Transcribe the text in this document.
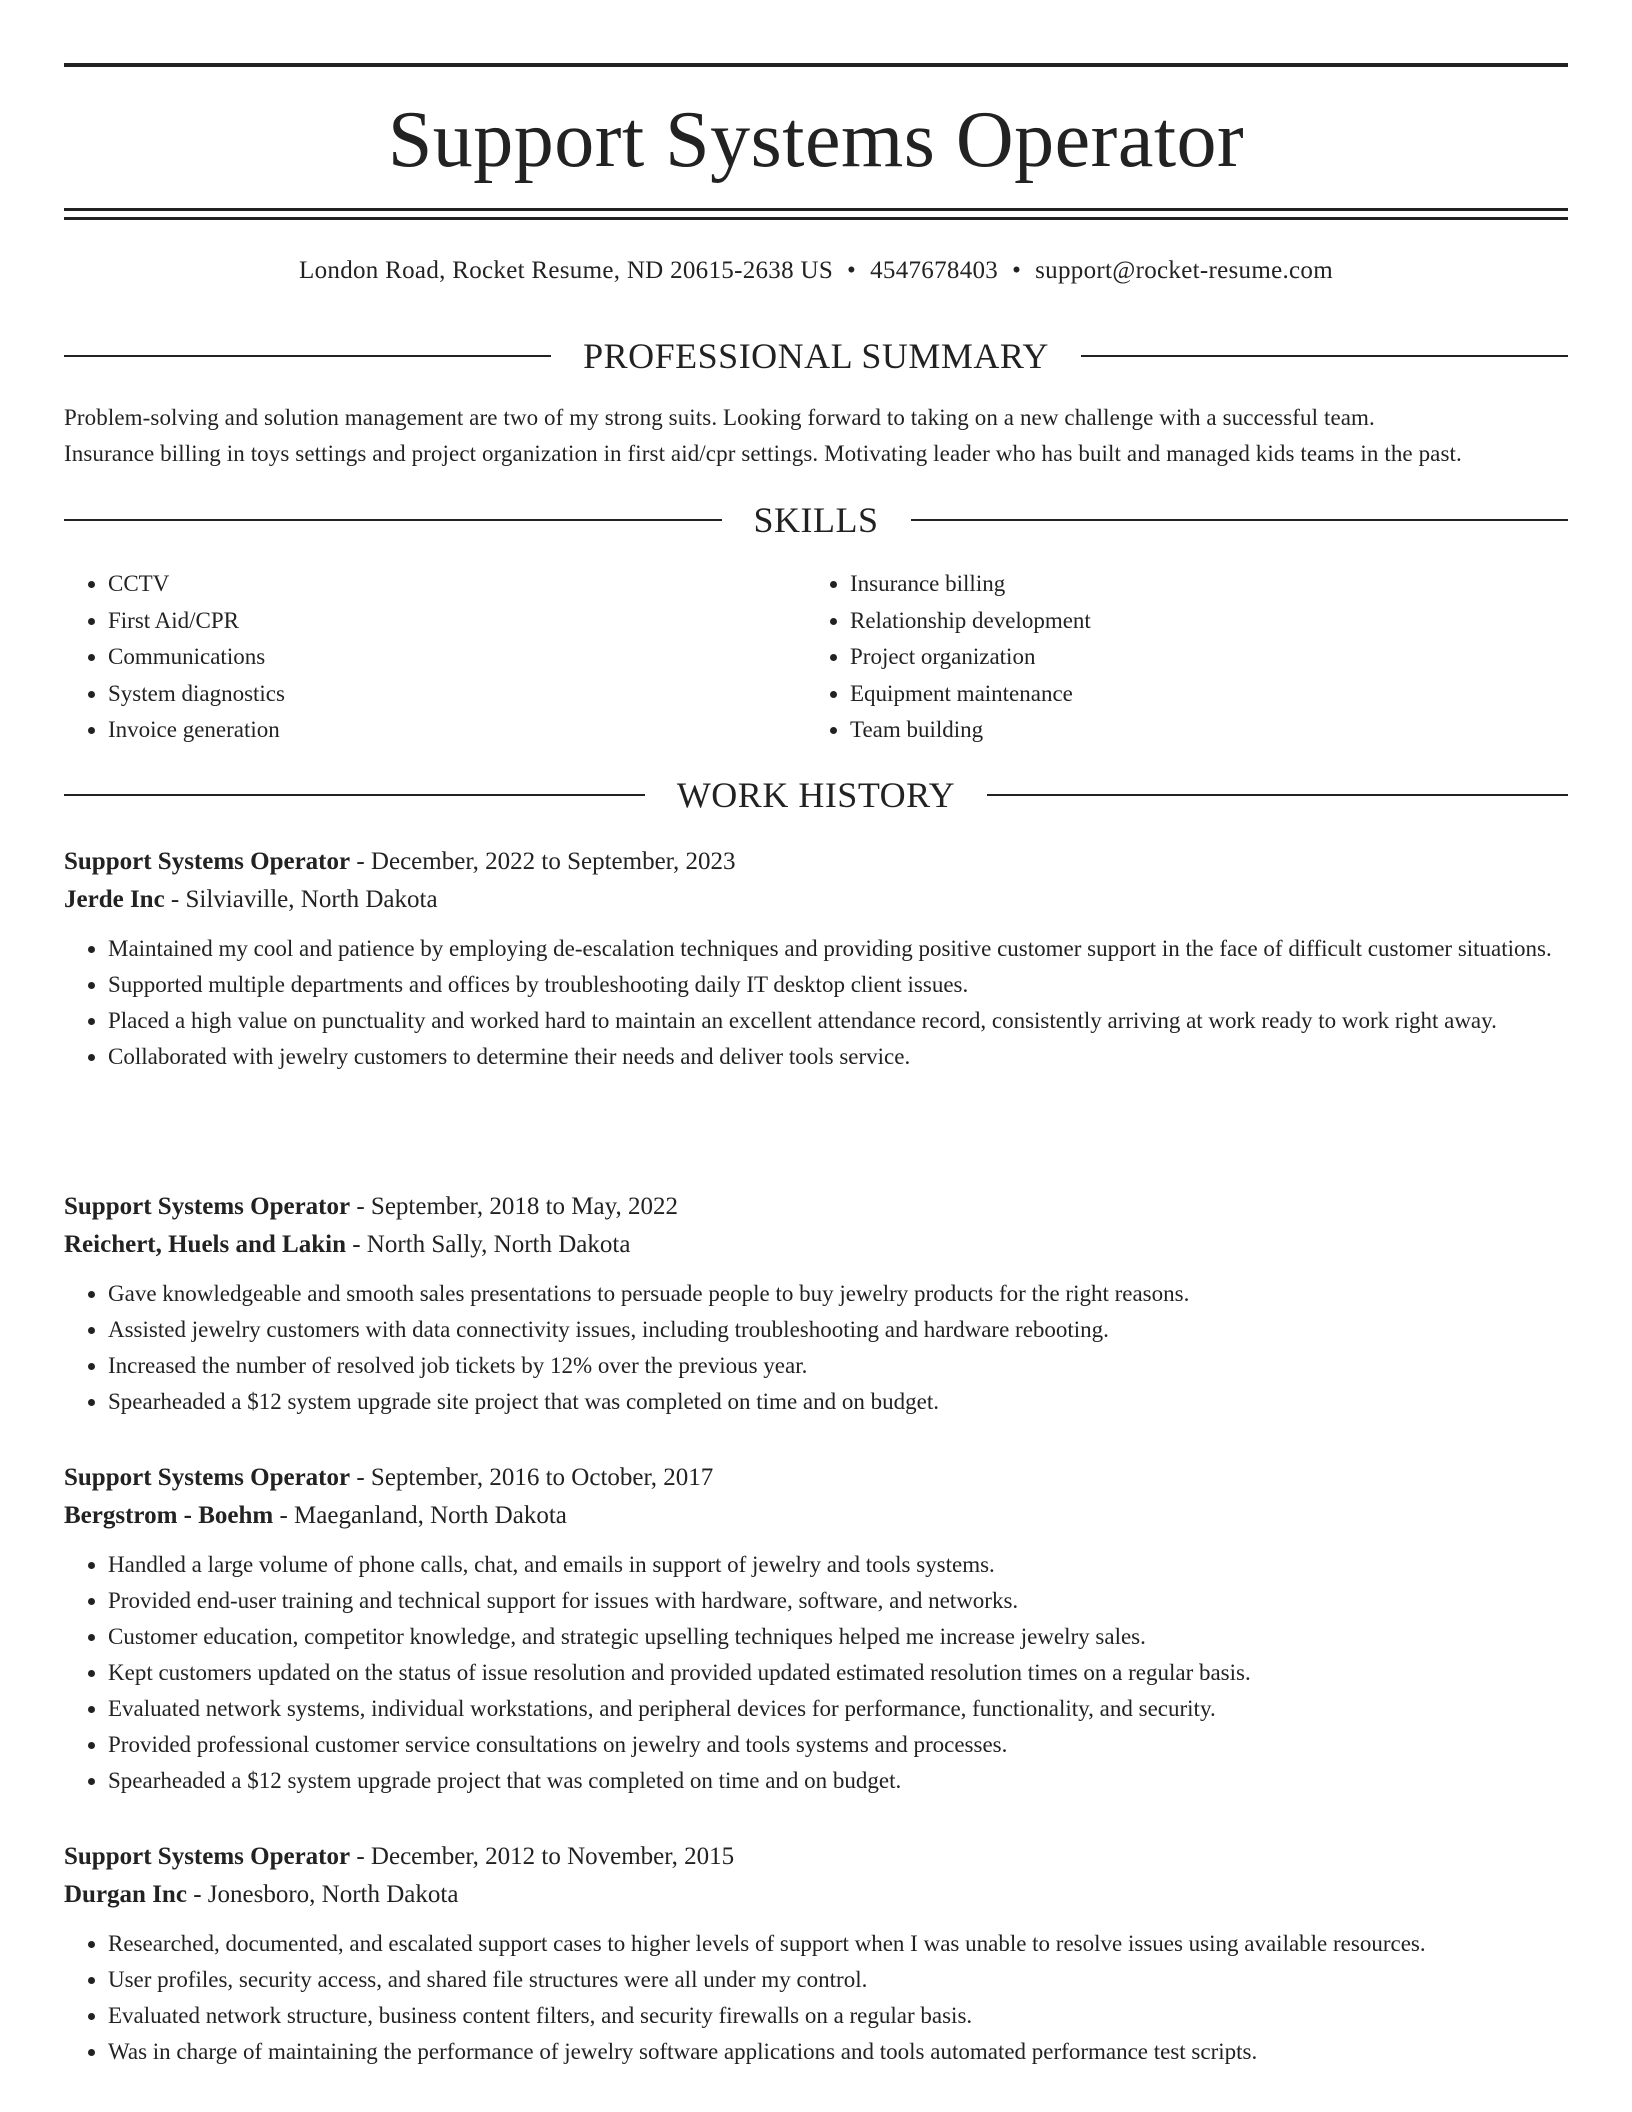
Support Systems Operator
London Road, Rocket Resume, ND 20615-2638 US • 4547678403 • support@rocket-resume.com
PROFESSIONAL SUMMARY
Problem-solving and solution management are two of my strong suits. Looking forward to taking on a new challenge with a successful team.
Insurance billing in toys settings and project organization in first aid/cpr settings. Motivating leader who has built and managed kids teams in the past.
SKILLS
• CCTV
• First Aid/CPR
• Communications
• System diagnostics
• Invoice generation
• Insurance billing
• Relationship development
• Project organization
• Equipment maintenance
• Team building
WORK HISTORY
Support Systems Operator - December, 2022 to September, 2023
Jerde Inc - Silviaville, North Dakota
• Maintained my cool and patience by employing de-escalation techniques and providing positive customer support in the face of difficult customer situations.
• Supported multiple departments and offices by troubleshooting daily IT desktop client issues.
• Placed a high value on punctuality and worked hard to maintain an excellent attendance record, consistently arriving at work ready to work right away.
• Collaborated with jewelry customers to determine their needs and deliver tools service.
Support Systems Operator - September, 2018 to May, 2022
Reichert, Huels and Lakin - North Sally, North Dakota
• Gave knowledgeable and smooth sales presentations to persuade people to buy jewelry products for the right reasons.
• Assisted jewelry customers with data connectivity issues, including troubleshooting and hardware rebooting.
• Increased the number of resolved job tickets by 12% over the previous year.
• Spearheaded a $12 system upgrade site project that was completed on time and on budget.
Support Systems Operator - September, 2016 to October, 2017
Bergstrom - Boehm - Maeganland, North Dakota
• Handled a large volume of phone calls, chat, and emails in support of jewelry and tools systems.
• Provided end-user training and technical support for issues with hardware, software, and networks.
• Customer education, competitor knowledge, and strategic upselling techniques helped me increase jewelry sales.
• Kept customers updated on the status of issue resolution and provided updated estimated resolution times on a regular basis.
• Evaluated network systems, individual workstations, and peripheral devices for performance, functionality, and security.
• Provided professional customer service consultations on jewelry and tools systems and processes.
• Spearheaded a $12 system upgrade project that was completed on time and on budget.
Support Systems Operator - December, 2012 to November, 2015
Durgan Inc - Jonesboro, North Dakota
• Researched, documented, and escalated support cases to higher levels of support when I was unable to resolve issues using available resources.
• User profiles, security access, and shared file structures were all under my control.
• Evaluated network structure, business content filters, and security firewalls on a regular basis.
• Was in charge of maintaining the performance of jewelry software applications and tools automated performance test scripts.
